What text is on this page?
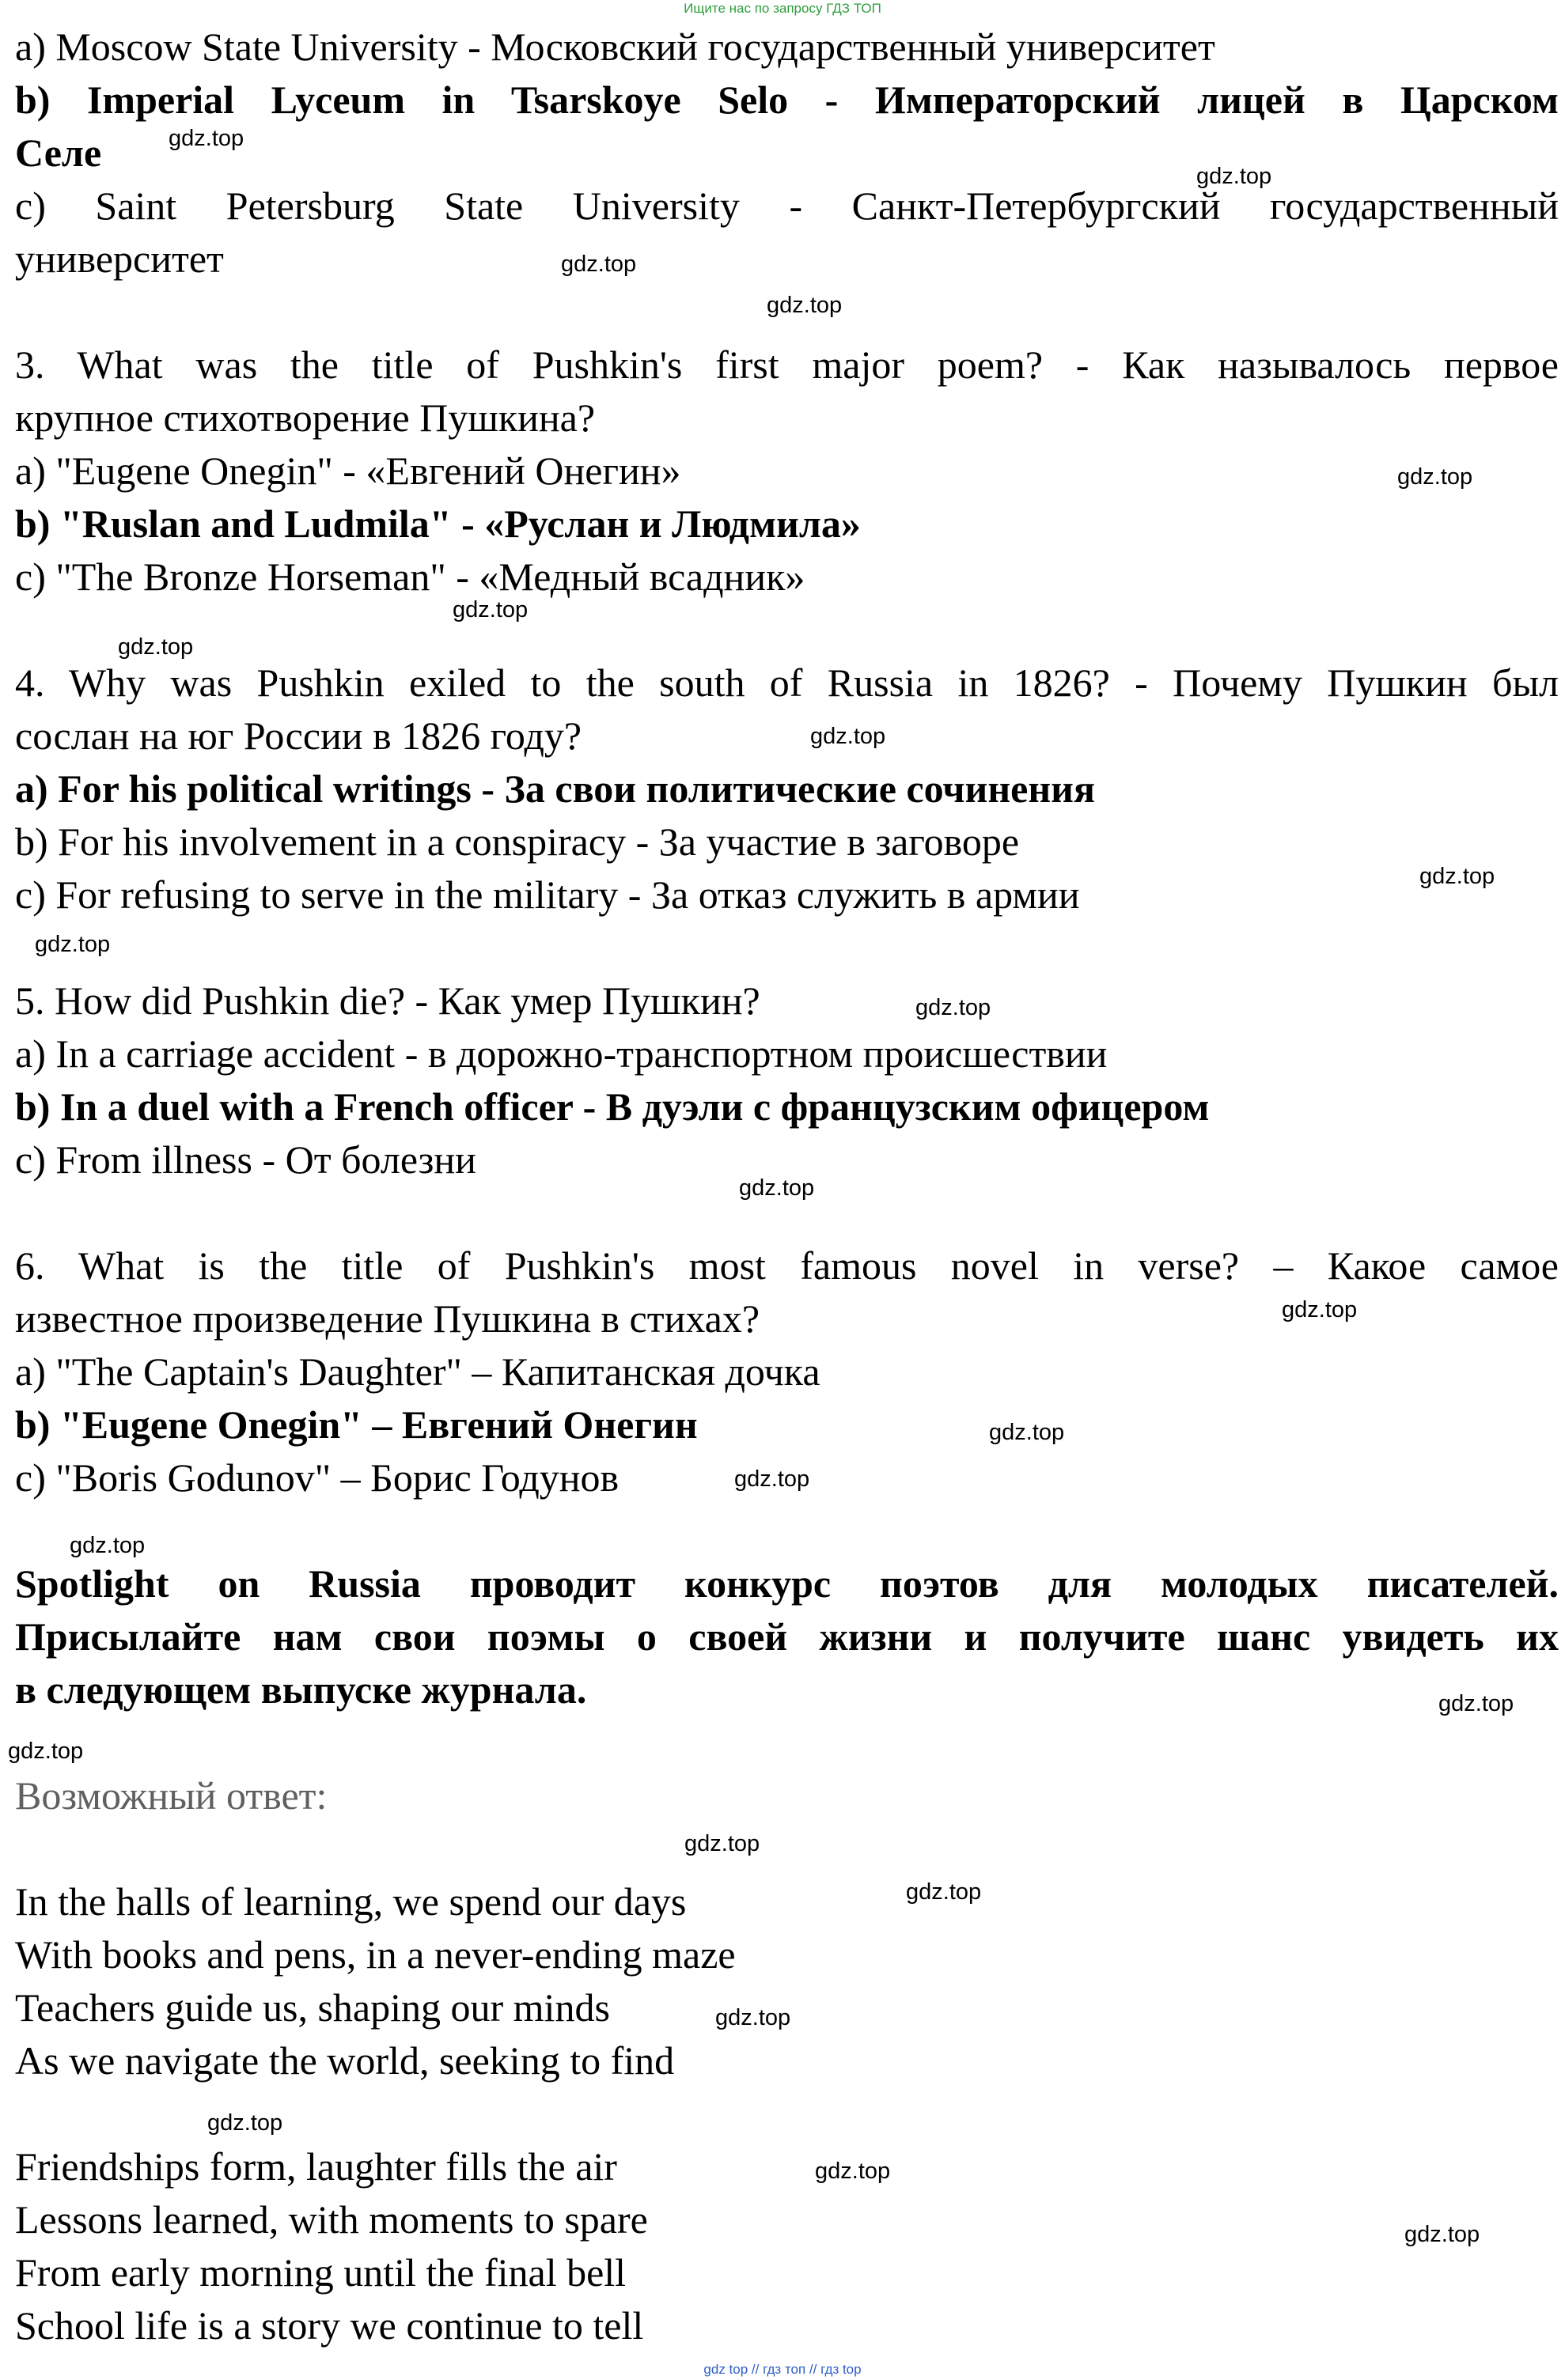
Ищите нас по запросу ГДЗ ТОП
a) Moscow State University - Московский государственный университет
b) Imperial Lyceum in Tsarskoye Selo - Императорский лицей в Царском
Селе
c) Saint Petersburg State University - Санкт-Петербургский государственный
университет
3. What was the title of Pushkin's first major poem? - Как называлось первое
крупное стихотворение Пушкина?
a) "Eugene Onegin" - «Евгений Онегин»
b) "Ruslan and Ludmila" - «Руслан и Людмила»
c) "The Bronze Horseman" - «Медный всадник»
4. Why was Pushkin exiled to the south of Russia in 1826? - Почему Пушкин был
сослан на юг России в 1826 году?
a) For his political writings - За свои политические сочинения
b) For his involvement in a conspiracy - За участие в заговоре
c) For refusing to serve in the military - За отказ служить в армии
5. How did Pushkin die? - Как умер Пушкин?
a) In a carriage accident - в дорожно-транспортном происшествии
b) In a duel with a French officer - В дуэли с французским офицером
c) From illness - От болезни
6. What is the title of Pushkin's most famous novel in verse? – Какое самое
известное произведение Пушкина в стихах?
a) "The Captain's Daughter" – Капитанская дочка
b) "Eugene Onegin" – Евгений Онегин
c) "Boris Godunov" – Борис Годунов
Spotlight on Russia проводит конкурс поэтов для молодых писателей.
Присылайте нам свои поэмы о своей жизни и получите шанс увидеть их
в следующем выпуске журнала.
Возможный ответ:
In the halls of learning, we spend our days
With books and pens, in a never-ending maze
Teachers guide us, shaping our minds
As we navigate the world, seeking to find
Friendships form, laughter fills the air
Lessons learned, with moments to spare
From early morning until the final bell
School life is a story we continue to tell
gdz.top
gdz.top
gdz.top
gdz.top
gdz.top
gdz.top
gdz.top
gdz.top
gdz.top
gdz.top
gdz.top
gdz.top
gdz.top
gdz.top
gdz.top
gdz.top
gdz.top
gdz.top
gdz.top
gdz.top
gdz.top
gdz.top
gdz.top
gdz.top
gdz top // гдз топ // гдз top
